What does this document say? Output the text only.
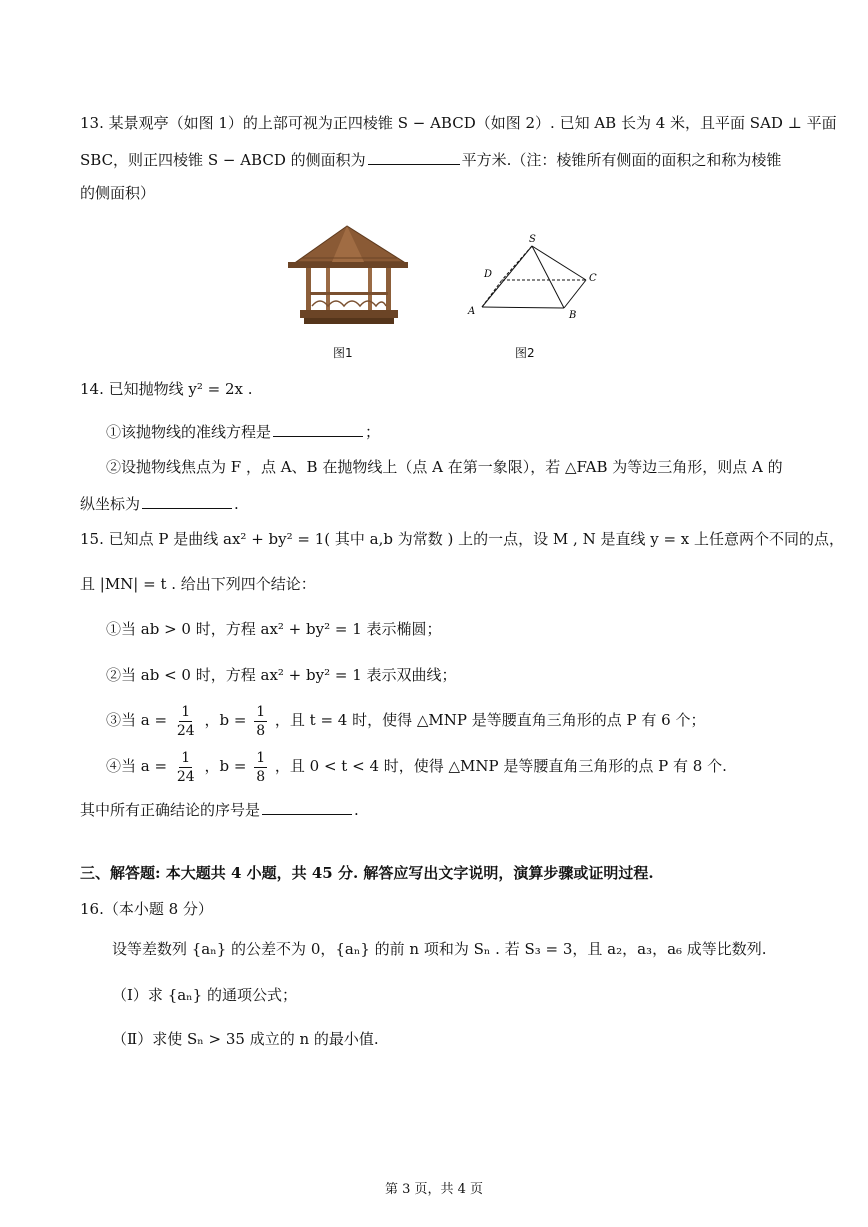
13. 某景观亭（如图 1）的上部可视为正四棱锥 S − ABCD（如图 2）. 已知 AB 长为 4 米，且平面 SAD ⊥ 平面
SBC，则正四棱锥 S − ABCD 的侧面积为	平方米.（注：棱锥所有侧面的面积之和称为棱锥
的侧面积）
图1
S
D	C
A	B
图2
14. 已知抛物线 y² = 2x .
①该抛物线的准线方程是	；
②设抛物线焦点为 F ，点 A、B 在抛物线上（点 A 在第一象限），若 △FAB 为等边三角形，则点 A 的
纵坐标为	.
15. 已知点 P 是曲线 ax² + by² = 1( 其中 a,b 为常数 ) 上的一点，设 M , N 是直线 y = x 上任意两个不同的点，
且 |MN| = t . 给出下列四个结论：
①当 ab > 0 时，方程 ax² + by² = 1 表示椭圆；
②当 ab < 0 时，方程 ax² + by² = 1 表示双曲线；
③当 $a = \frac{1}{24}$ ，$b = \frac{1}{8}$ ，且 t = 4 时，使得 △MNP 是等腰直角三角形的点 P 有 6 个；
④当 $a = \frac{1}{24}$ ，$b = \frac{1}{8}$ ，且 0 < t < 4 时，使得 △MNP 是等腰直角三角形的点 P 有 8 个.
其中所有正确结论的序号是	.
三、解答题: 本大题共 4 小题，共 45 分. 解答应写出文字说明，演算步骤或证明过程.
16.（本小题 8 分）
设等差数列 {aₙ} 的公差不为 0，{aₙ} 的前 n 项和为 Sₙ . 若 S₃ = 3，且 a₂，a₃，a₆ 成等比数列.
（Ⅰ）求 {aₙ} 的通项公式；
（Ⅱ）求使 Sₙ > 35 成立的 n 的最小值.
第 3 页，共 4 页
